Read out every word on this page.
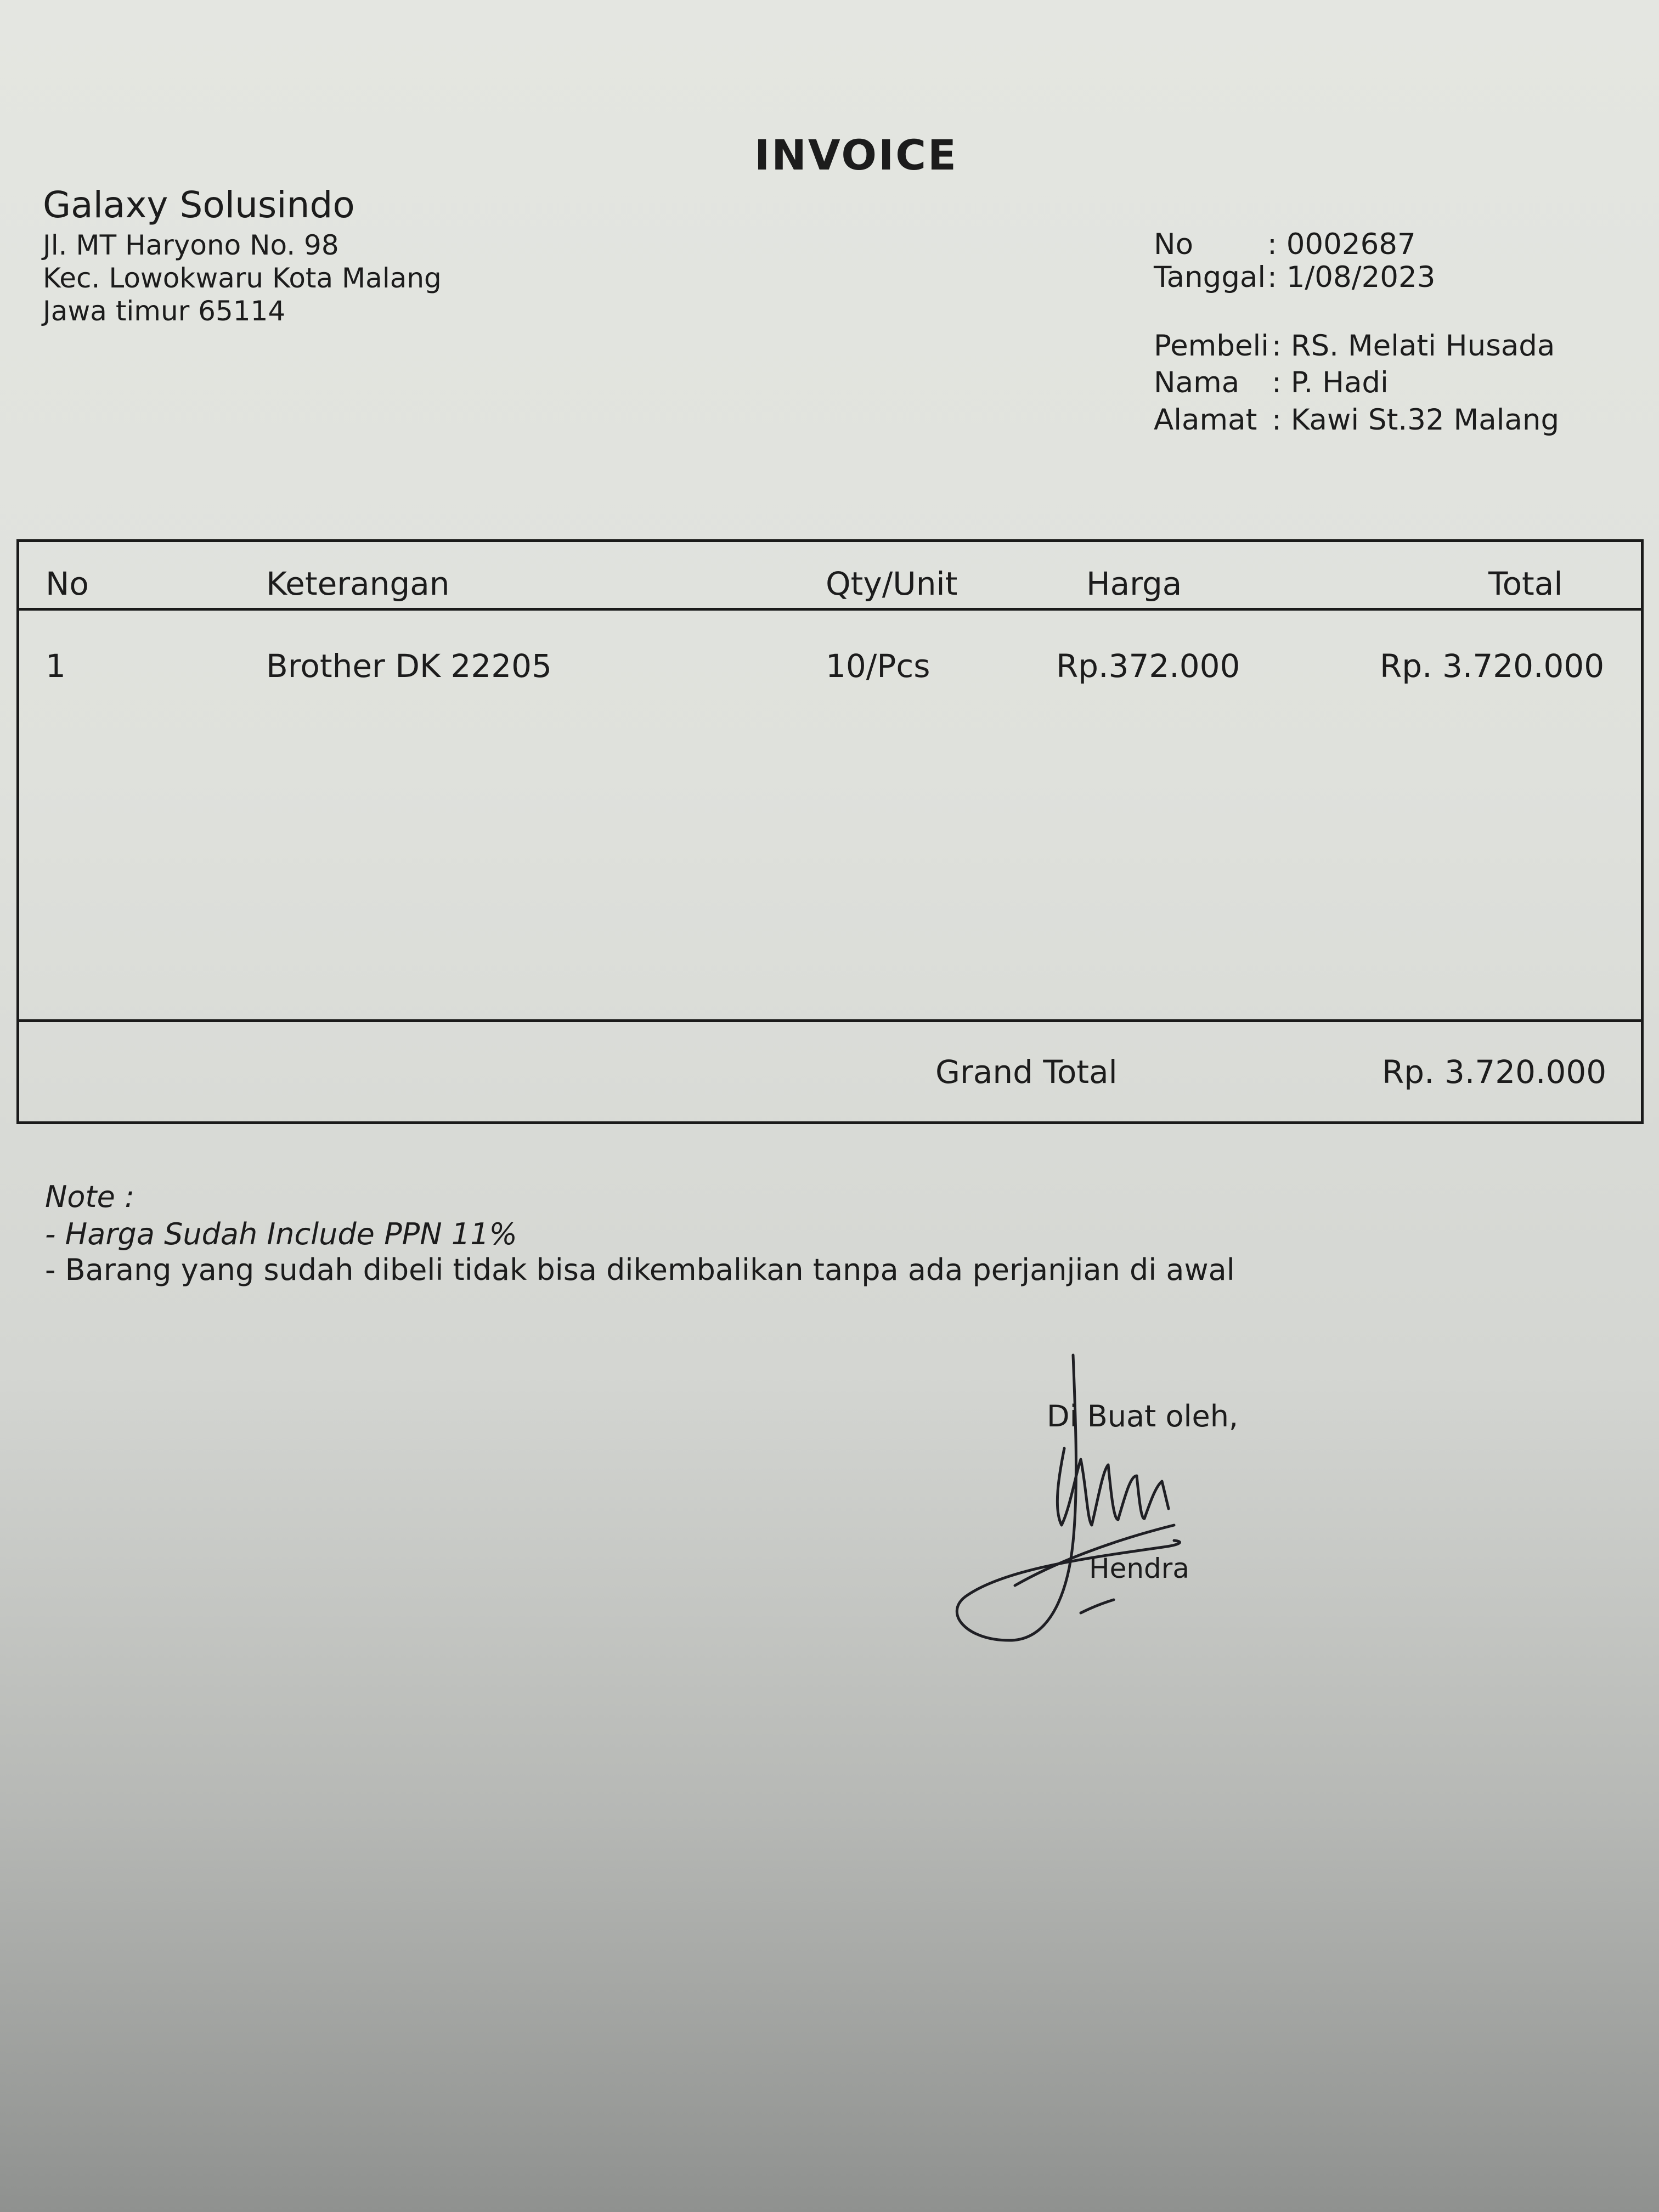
INVOICE
Galaxy Solusindo
Jl. MT Haryono No. 98
Kec. Lowokwaru Kota Malang
Jawa timur 65114
No	: 0002687
Tanggal : 1/08/2023
Pembeli : RS. Melati Husada
Nama : P. Hadi
Alamat : Kawi St.32 Malang
No	Keterangan	Qty/Unit	Harga	Total
1	Brother DK 22205	10/Pcs	Rp.372.000	Rp. 3.720.000
Grand Total	Rp. 3.720.000
Note :
- Harga Sudah Include PPN 11%
- Barang yang sudah dibeli tidak bisa dikembalikan tanpa ada perjanjian di awal
Di Buat oleh,
Hendra
